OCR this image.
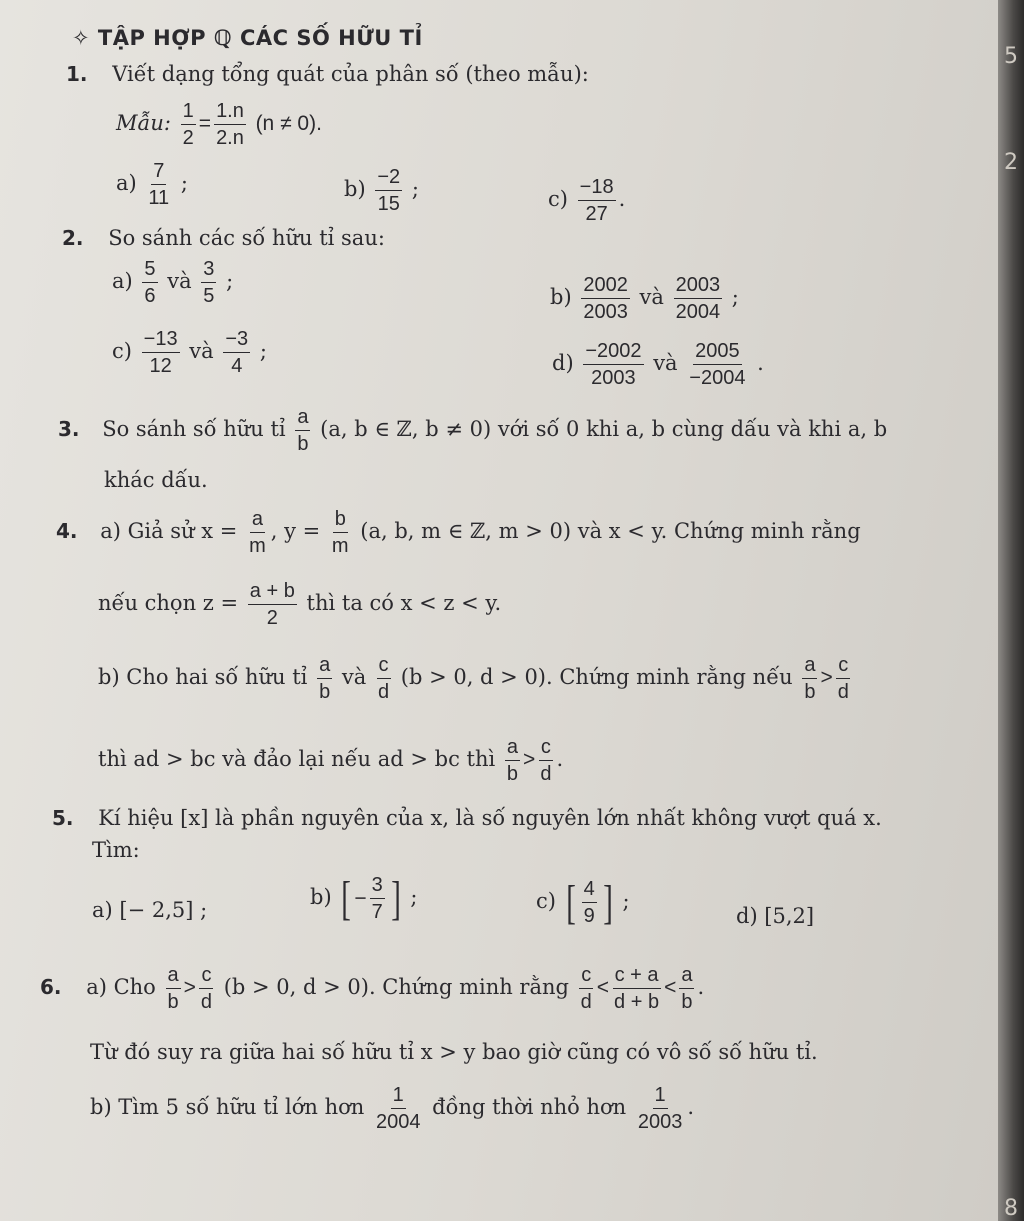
✧ TẬP HỢP ℚ CÁC SỐ HỮU TỈ
1. Viết dạng tổng quát của phân số (theo mẫu):
Mẫu: $\frac{1}{2} = \frac{1.n}{2.n} (n \ne 0)$.
$a) \frac{7}{11}$ ;	$b) \frac{-2}{15}$ ;	$c) \frac{-18}{27}$ .
2. So sánh các số hữu tỉ sau:
$a) \frac{5}{6}$ và $\frac{3}{5}$ ;
$b) \frac{2002}{2003}$ và $\frac{2003}{2004}$ ;
$c) \frac{-13}{12}$ và $\frac{-3}{4}$ ;	$d) \frac{-2002}{2003}$ và $\frac{2005}{-2004}$ .
3. So sánh số hữu tỉ $\frac{a}{b} (a$, b ∈ ℤ, b ≠ 0) với số 0 khi a, b cùng dấu và khi a, b
khác dấu.
4. a) Giả sử $x = \frac{a}{m}$ , $y = \frac{b}{m} (a$, b, m ∈ ℤ, m > 0) và x < y. Chứng minh rằng
nếu chọn $z = \frac{a + b}{2}$ thì ta có x < z < y.
b) Cho hai số hữu tỉ $\frac{a}{b}$ và $\frac{c}{d} (b > 0$, d > 0). Chứng minh rằng nếu $\frac{a}{b} > \frac{c}{d}$
thì ad > bc và đảo lại nếu ad > bc thì $\frac{a}{b} > \frac{c}{d}$ .
5. Kí hiệu [x] là phần nguyên của x, là số nguyên lớn nhất không vượt quá x.
Tìm:
a) [− 2,5] ;
b) [ − $\frac{3}{7}$ ] ;	c) [ 4
9 ] ;
d) [5,2]
6. a) Cho $\frac{a}{b} > \frac{c}{d} (b > 0$, d > 0). Chứng minh rằng $\frac{c}{d} < \frac{c + a}{d + b} < \frac{a}{b}$ .
Từ đó suy ra giữa hai số hữu tỉ x > y bao giờ cũng có vô số số hữu tỉ.
b) Tìm 5 số hữu tỉ lớn hơn $\frac{1}{2004}$ đồng thời nhỏ hơn $\frac{1}{2003}$ .
5
2
8
